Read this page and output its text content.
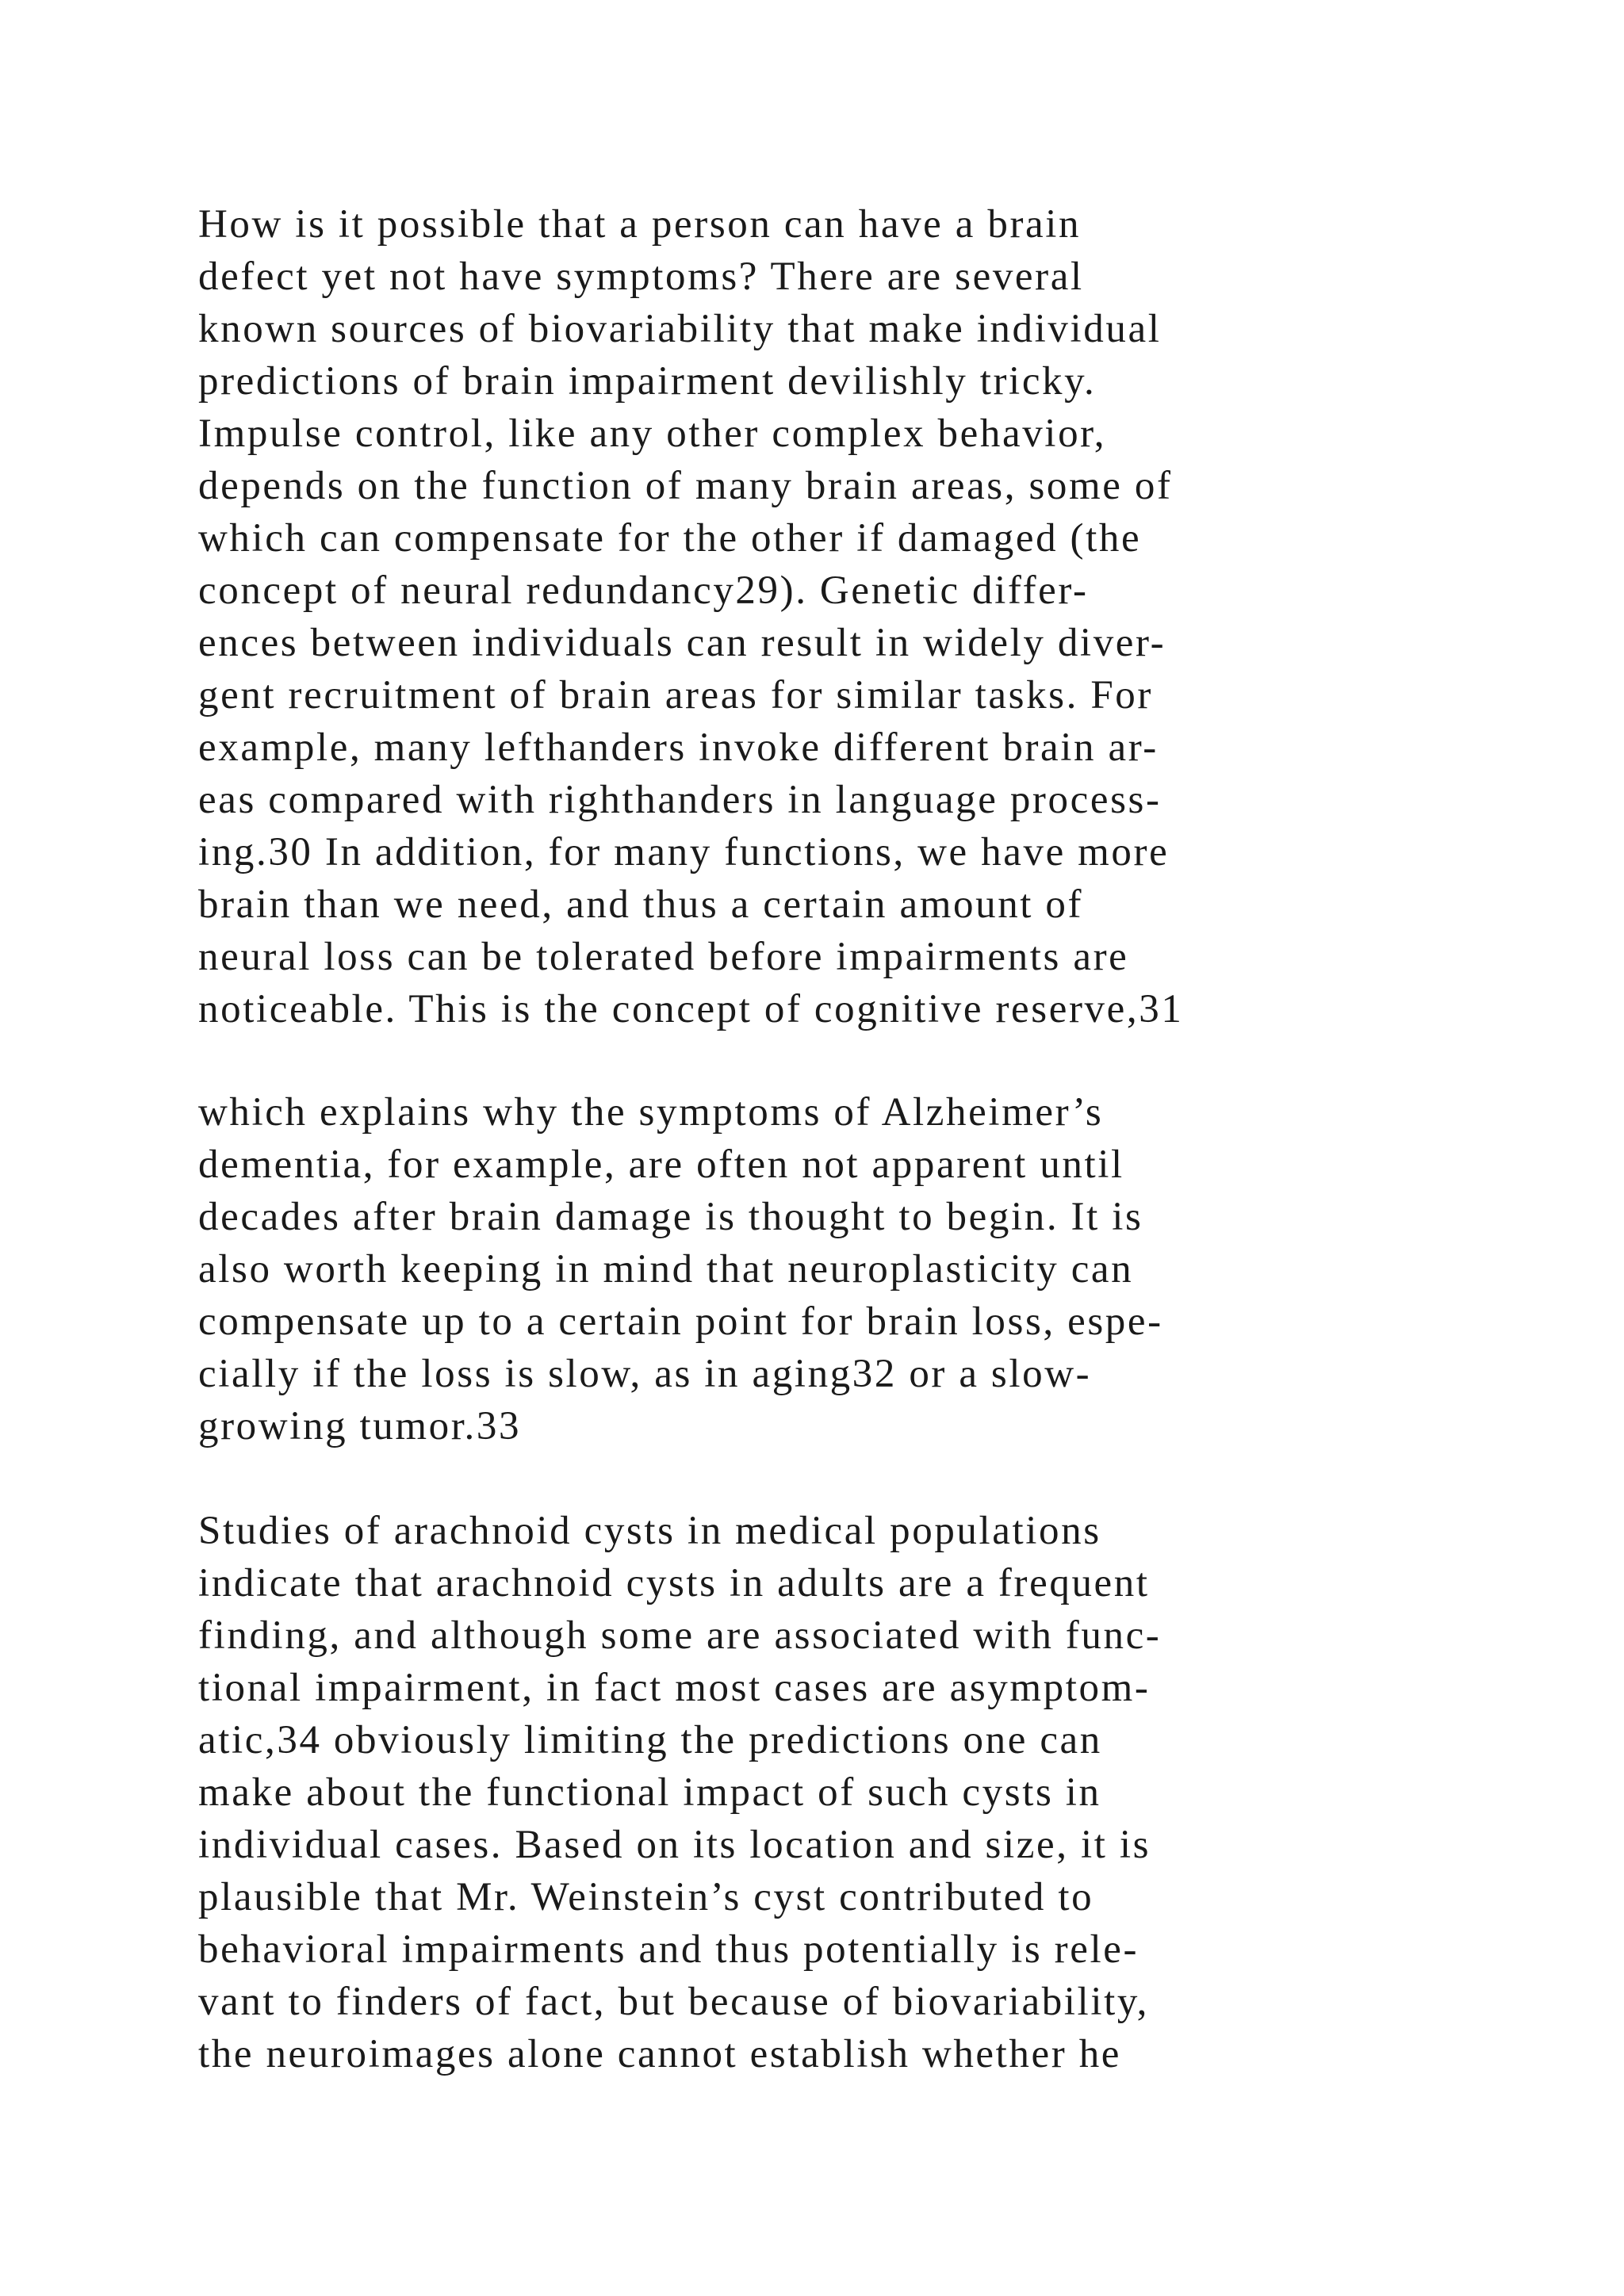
How is it possible that a person can have a brain
defect yet not have symptoms? There are several
known sources of biovariability that make individual
predictions of brain impairment devilishly tricky.
Impulse control, like any other complex behavior,
depends on the function of many brain areas, some of
which can compensate for the other if damaged (the
concept of neural redundancy29). Genetic differ-
ences between individuals can result in widely diver-
gent recruitment of brain areas for similar tasks. For
example, many lefthanders invoke different brain ar-
eas compared with righthanders in language process-
ing.30 In addition, for many functions, we have more
brain than we need, and thus a certain amount of
neural loss can be tolerated before impairments are
noticeable. This is the concept of cognitive reserve,31
which explains why the symptoms of Alzheimer’s
dementia, for example, are often not apparent until
decades after brain damage is thought to begin. It is
also worth keeping in mind that neuroplasticity can
compensate up to a certain point for brain loss, espe-
cially if the loss is slow, as in aging32 or a slow-
growing tumor.33
Studies of arachnoid cysts in medical populations
indicate that arachnoid cysts in adults are a frequent
finding, and although some are associated with func-
tional impairment, in fact most cases are asymptom-
atic,34 obviously limiting the predictions one can
make about the functional impact of such cysts in
individual cases. Based on its location and size, it is
plausible that Mr. Weinstein’s cyst contributed to
behavioral impairments and thus potentially is rele-
vant to finders of fact, but because of biovariability,
the neuroimages alone cannot establish whether he
